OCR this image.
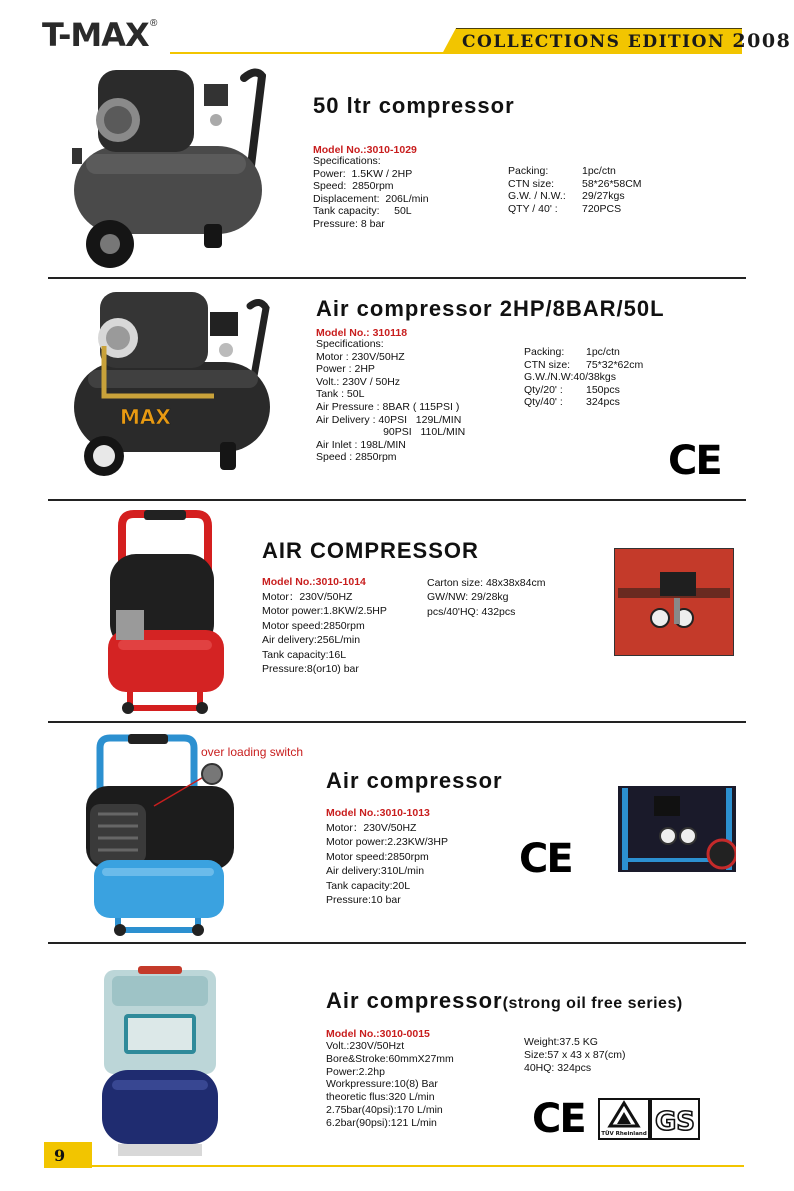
T-MAX ®
COLLECTIONS EDITION 2008
50 ltr compressor
Model No.:3010-1029
Specifications:
Power:  1.5KW / 2HP
Speed:  2850rpm
Displacement:  206L/min
Tank capacity:     50L
Pressure: 8 bar
Packing:	1pc/ctn
CTN size:	58*26*58CM
G.W. / N.W.:	29/27kgs
QTY / 40' :	720PCS
MAX
Air compressor 2HP/8BAR/50L
Model No.: 310118
Specifications:
Motor : 230V/50HZ
Power : 2HP
Volt.: 230V / 50Hz
Tank : 50L
Air Pressure : 8BAR ( 115PSI )
Air Delivery : 40PSI   129L/MIN
90PSI   110L/MIN
Air Inlet : 198L/MIN
Speed : 2850rpm
Packing:	1pc/ctn
CTN size:	75*32*62cm
G.W./N.W: 40/38kgs
Qty/20' :	150pcs
Qty/40' :	324pcs
CE
AIR COMPRESSOR
Model No.:3010-1014
Motor：230V/50HZ
Motor power:1.8KW/2.5HP
Motor speed:2850rpm
Air delivery:256L/min
Tank capacity:16L
Pressure:8(or10) bar
Carton size: 48x38x84cm
GW/NW: 29/28kg
pcs/40'HQ: 432pcs
over loading switch
Air compressor
Model No.:3010-1013
Motor：230V/50HZ
Motor power:2.23KW/3HP
Motor speed:2850rpm
Air delivery:310L/min
Tank capacity:20L
Pressure:10 bar
CE
Air compressor(strong oil free series)
Model No.:3010-0015
Volt.:230V/50Hzt
Bore&Stroke:60mmX27mm
Power:2.2hp
Workpressure:10(8) Bar
theoretic flus:320 L/min
2.75bar(40psi):170 L/min
6.2bar(90psi):121 L/min
Weight:37.5 KG
Size:57 x 43 x 87(cm)
40HQ: 324pcs
CE	TÜV Rheinland GS
9
